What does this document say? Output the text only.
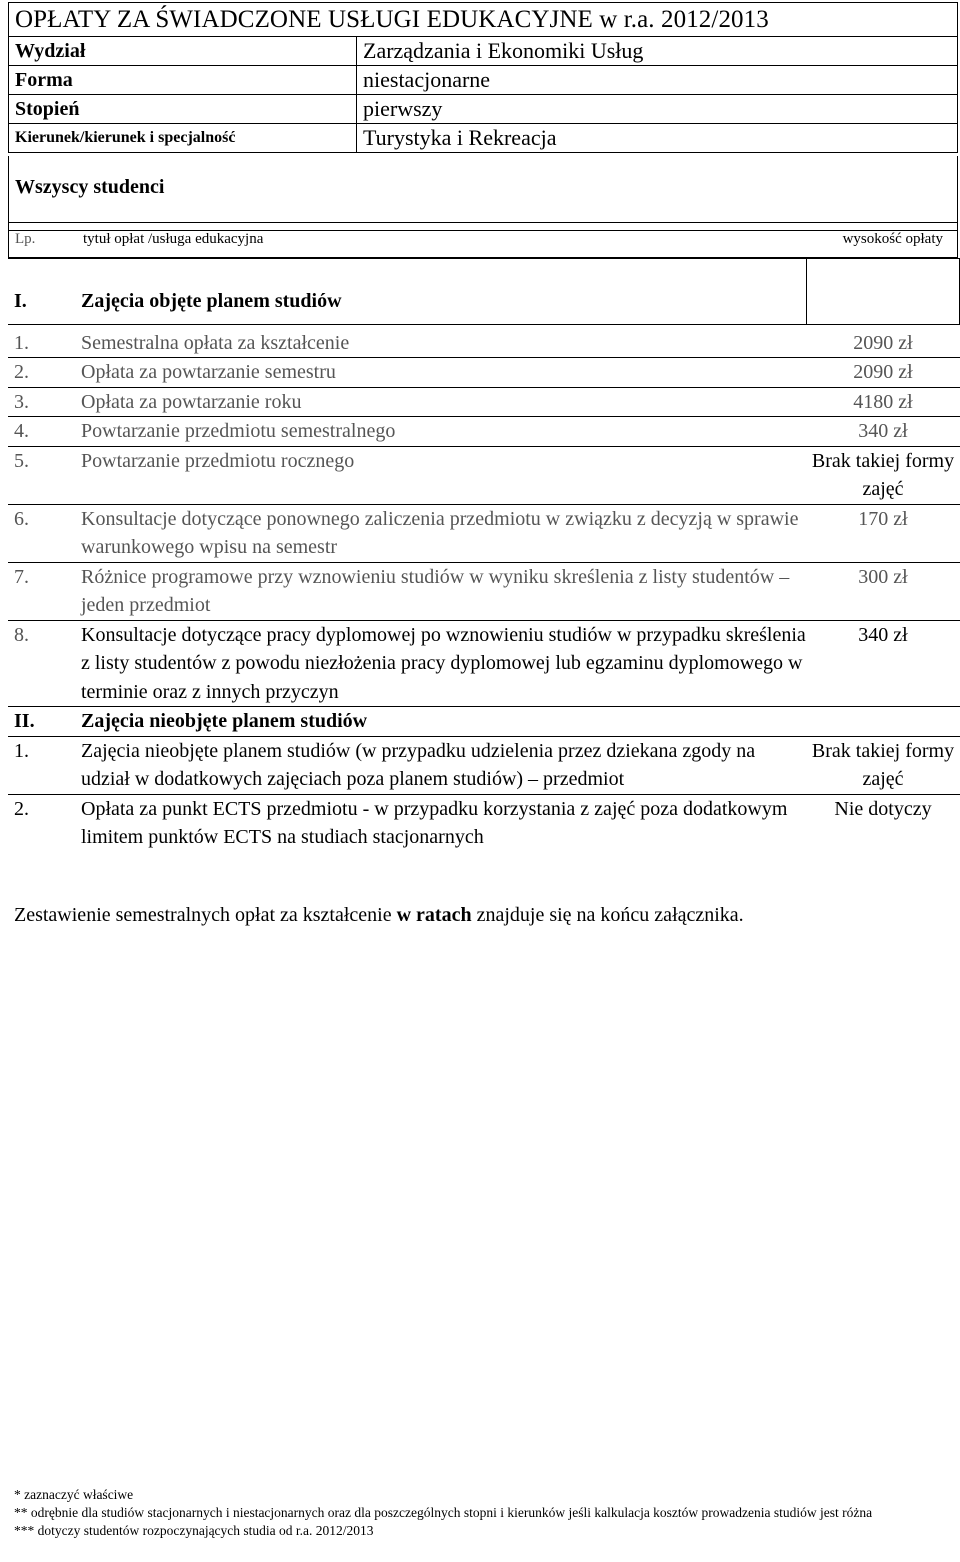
OPŁATY ZA ŚWIADCZONE USŁUGI EDUKACYJNE w r.a. 2012/2013	
Wydział	Zarządzania i Ekonomiki Usług
Forma	niestacjonarne
Stopień	pierwszy
Kierunek/kierunek i specjalność	Turystyka i Rekreacja
Wszyscy studenci
Lp.	tytuł opłat /usługa edukacyjna	wysokość opłaty
I.	Zajęcia objęte planem studiów	
1.	Semestralna opłata za kształcenie	2090 zł
2.	Opłata za powtarzanie semestru	2090 zł
3.	Opłata za powtarzanie roku	4180 zł
4.	Powtarzanie przedmiotu semestralnego	340 zł
5.	Powtarzanie przedmiotu rocznego	Brak takiej formy zajęć
6.	Konsultacje dotyczące ponownego zaliczenia przedmiotu w związku z decyzją w sprawie warunkowego wpisu na semestr	170 zł
7.	Różnice programowe przy wznowieniu studiów w wyniku skreślenia z listy studentów – jeden przedmiot	300 zł
8.	Konsultacje dotyczące pracy dyplomowej po wznowieniu studiów w przypadku skreślenia z listy studentów z powodu niezłożenia pracy dyplomowej lub egzaminu dyplomowego w terminie oraz z innych przyczyn	340 zł
II.	Zajęcia nieobjęte planem studiów	
1.	Zajęcia nieobjęte planem studiów (w przypadku udzielenia przez dziekana zgody na udział w dodatkowych zajęciach poza planem studiów) – przedmiot	Brak takiej formy zajęć
2.	Opłata za punkt ECTS przedmiotu - w przypadku korzystania z zajęć poza dodatkowym limitem punktów ECTS na studiach stacjonarnych	Nie dotyczy
Zestawienie semestralnych opłat za kształcenie w ratach znajduje się na końcu załącznika.
* zaznaczyć właściwe
** odrębnie dla studiów stacjonarnych i niestacjonarnych oraz dla poszczególnych stopni i kierunków jeśli kalkulacja kosztów prowadzenia studiów jest różna
*** dotyczy studentów rozpoczynających studia od r.a. 2012/2013
